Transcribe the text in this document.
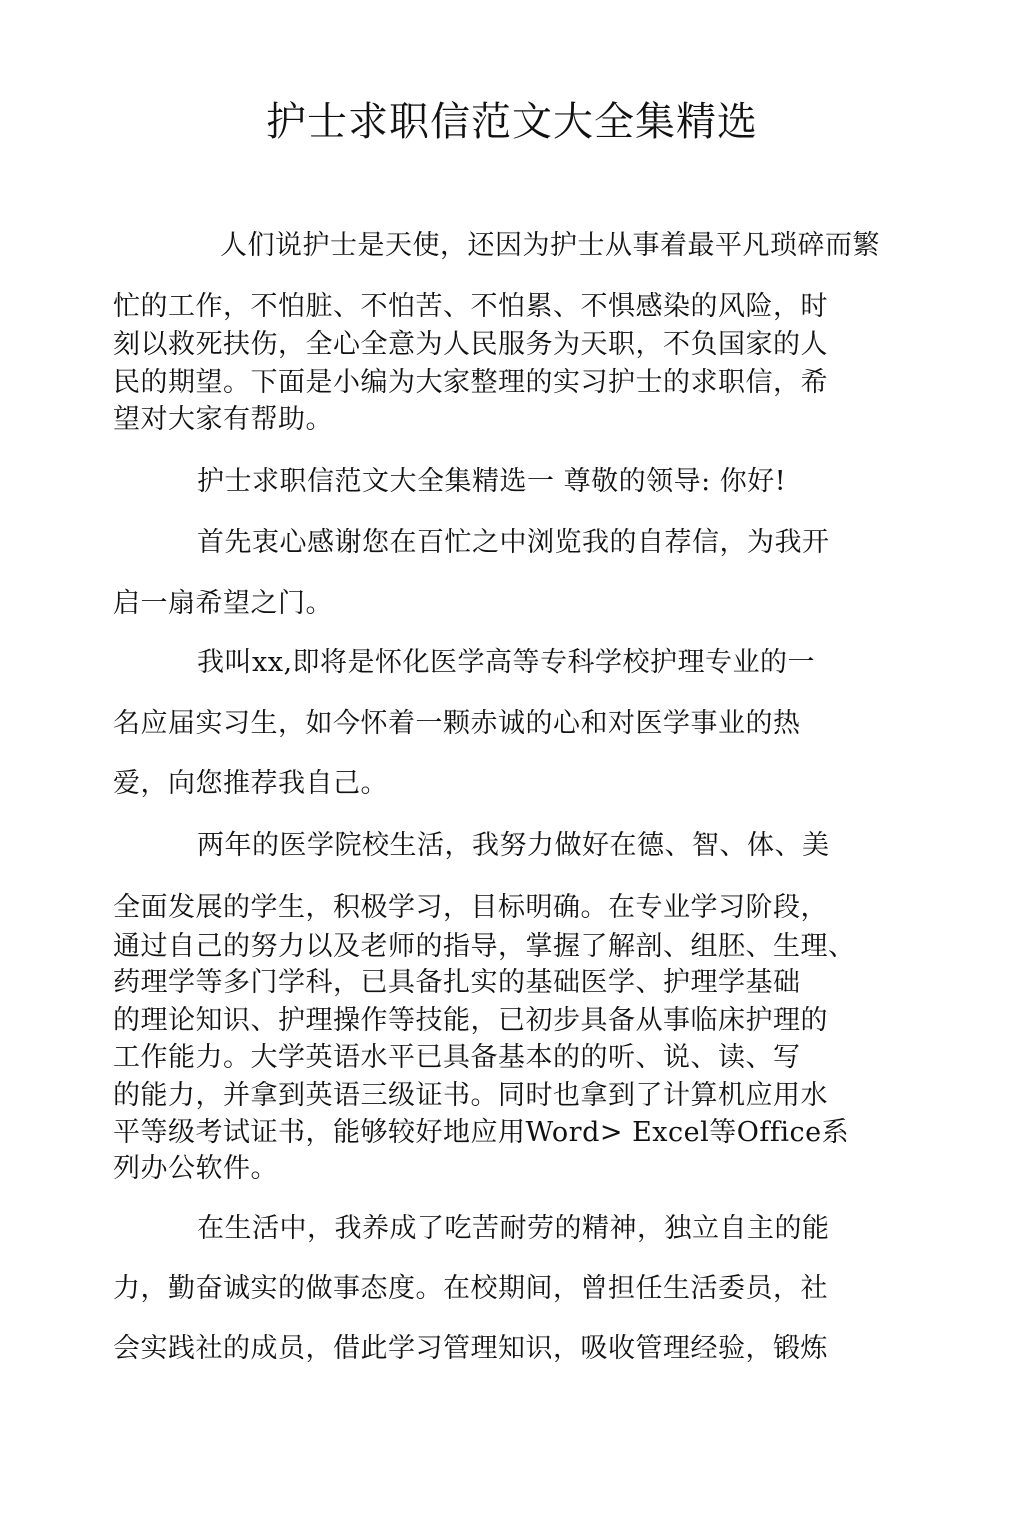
护士求职信范文大全集精选

人们说护士是天使，还因为护士从事着最平凡琐碎而繁

忙的工作，不怕脏、不怕苦、不怕累、不惧感染的风险，时

刻以救死扶伤，全心全意为人民服务为天职，不负国家的人

民的期望。下面是小编为大家整理的实习护士的求职信，希

望对大家有帮助。

护士求职信范文大全集精选一 尊敬的领导: 你好!

首先衷心感谢您在百忙之中浏览我的自荐信，为我开

启一扇希望之门。

我叫xx,即将是怀化医学高等专科学校护理专业的一

名应届实习生，如今怀着一颗赤诚的心和对医学事业的热

爱，向您推荐我自己。

两年的医学院校生活，我努力做好在德、智、体、美

全面发展的学生，积极学习，目标明确。在专业学习阶段，

通过自己的努力以及老师的指导，掌握了解剖、组胚、生理、

药理学等多门学科，已具备扎实的基础医学、护理学基础

的理论知识、护理操作等技能，已初步具备从事临床护理的

工作能力。大学英语水平已具备基本的的听、说、读、写

的能力，并拿到英语三级证书。同时也拿到了计算机应用水

平等级考试证书，能够较好地应用Word> Excel等Office系

列办公软件。

在生活中，我养成了吃苦耐劳的精神，独立自主的能

力，勤奋诚实的做事态度。在校期间，曾担任生活委员，社

会实践社的成员，借此学习管理知识，吸收管理经验，锻炼
